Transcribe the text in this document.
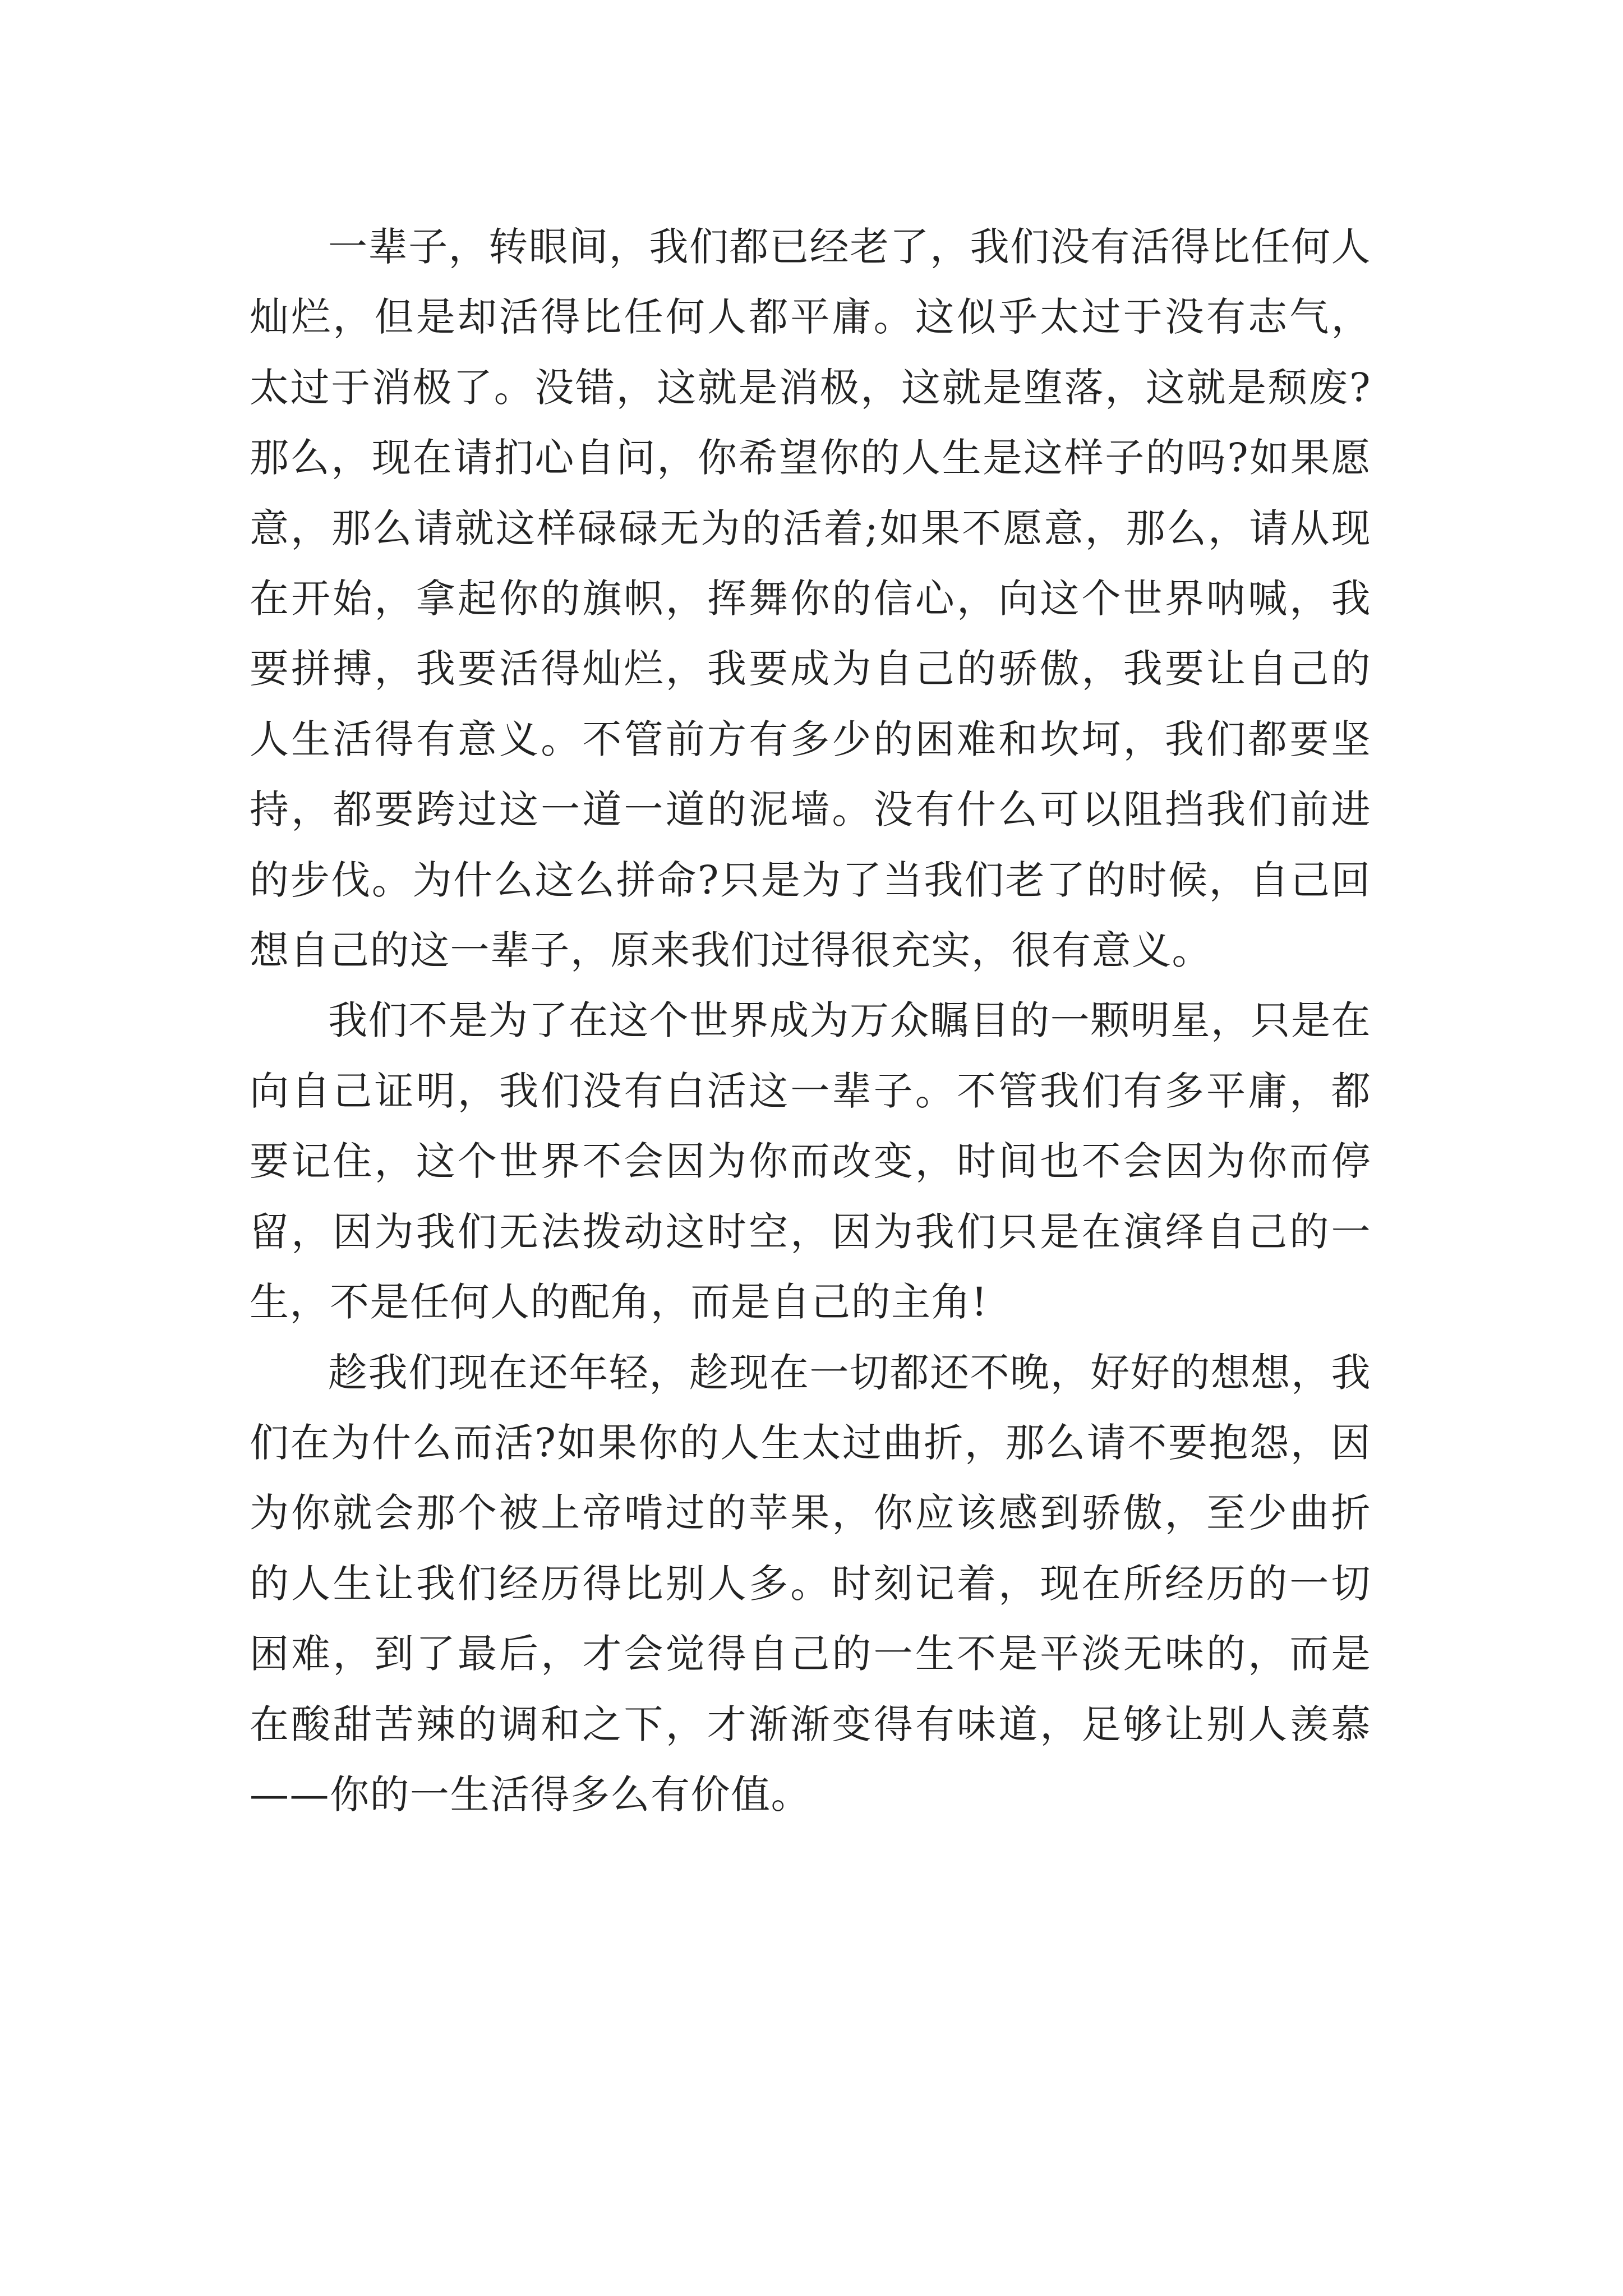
一辈子，转眼间，我们都已经老了，我们没有活得比任何人灿烂，但是却活得比任何人都平庸。这似乎太过于没有志气，太过于消极了。没错，这就是消极，这就是堕落，这就是颓废?那么，现在请扪心自问，你希望你的人生是这样子的吗?如果愿意，那么请就这样碌碌无为的活着;如果不愿意，那么，请从现在开始，拿起你的旗帜，挥舞你的信心，向这个世界呐喊，我要拼搏，我要活得灿烂，我要成为自己的骄傲，我要让自己的人生活得有意义。不管前方有多少的困难和坎坷，我们都要坚持，都要跨过这一道一道的泥墙。没有什么可以阻挡我们前进的步伐。为什么这么拼命?只是为了当我们老了的时候，自己回想自己的这一辈子，原来我们过得很充实，很有意义。

我们不是为了在这个世界成为万众瞩目的一颗明星，只是在向自己证明，我们没有白活这一辈子。不管我们有多平庸，都要记住，这个世界不会因为你而改变，时间也不会因为你而停留，因为我们无法拨动这时空，因为我们只是在演绎自己的一生，不是任何人的配角，而是自己的主角!

趁我们现在还年轻，趁现在一切都还不晚，好好的想想，我们在为什么而活?如果你的人生太过曲折，那么请不要抱怨，因为你就会那个被上帝啃过的苹果，你应该感到骄傲，至少曲折的人生让我们经历得比别人多。时刻记着，现在所经历的一切困难，到了最后，才会觉得自己的一生不是平淡无味的，而是在酸甜苦辣的调和之下，才渐渐变得有味道，足够让别人羡慕——你的一生活得多么有价值。
